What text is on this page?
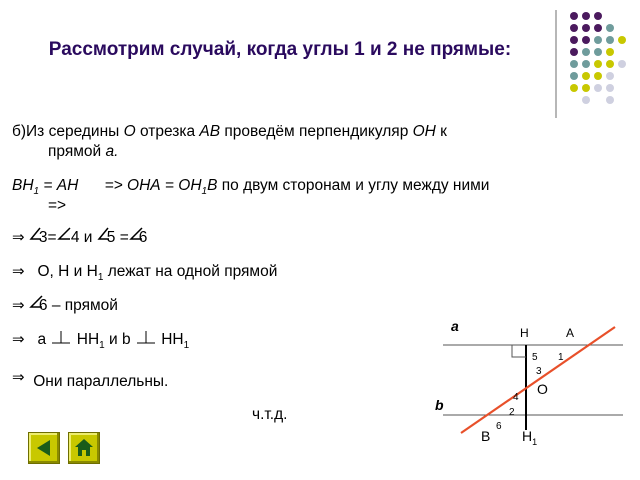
Рассмотрим случай, когда углы 1 и 2 не прямые:
б)Из середины О отрезка АВ проведём перпендикуляр ОН к
прямой а.
$ВН_1$ = АН => ОНА = $ОН_1В$ по двум сторонам и углу между ними
=>
⇒ 3=
4 и
5 = 6
⇒ О, Н и $Н_1$ лежат на одной прямой
⇒ 6 – прямой
⇒ а $НН_1$ и b
$НН_1$
⇒ Они параллельны.
ч.т.д.
a
b
Н	А
О
В $Н_1$
5 1
3
4
2
6
